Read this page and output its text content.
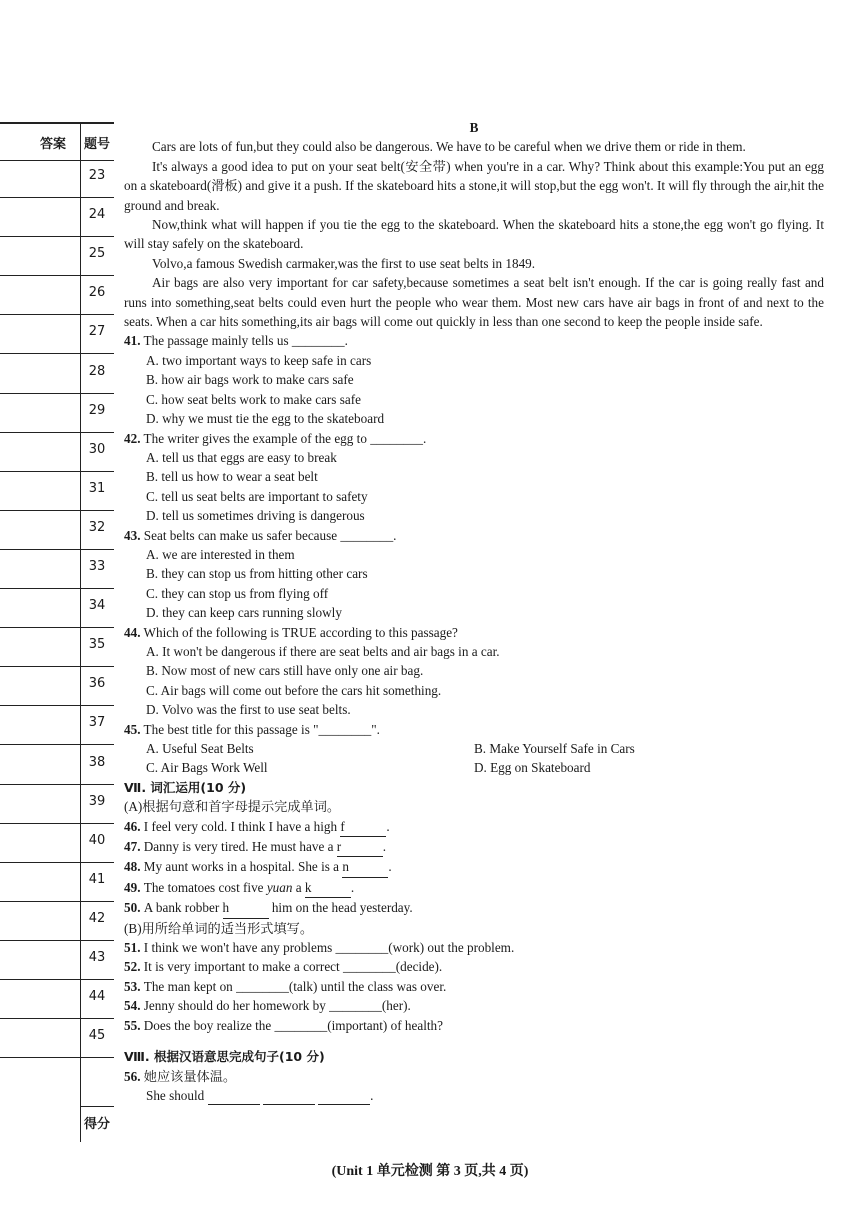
答案 题号
23
24
25
26
27
28
29
30
31
32
33
34
35
36
37
38
39
40
41
42
43
44
45
得分

B

Cars are lots of fun,but they could also be dangerous. We have to be careful when we drive them or ride in them.

It's always a good idea to put on your seat belt(安全带) when you're in a car. Why? Think about this example:You put an egg on a skateboard(滑板) and give it a push. If the skateboard hits a stone,it will stop,but the egg won't. It will fly through the air,hit the ground and break.

Now,think what will happen if you tie the egg to the skateboard. When the skateboard hits a stone,the egg won't go flying. It will stay safely on the skateboard.

Volvo,a famous Swedish carmaker,was the first to use seat belts in 1849.

Air bags are also very important for car safety,because sometimes a seat belt isn't enough. If the car is going really fast and runs into something,seat belts could even hurt the people who wear them. Most new cars have air bags in front of and next to the seats. When a car hits something,its air bags will come out quickly in less than one second to keep the people inside safe.

41. The passage mainly tells us ________.

A. two important ways to keep safe in cars

B. how air bags work to make cars safe

C. how seat belts work to make cars safe

D. why we must tie the egg to the skateboard

42. The writer gives the example of the egg to ________.

A. tell us that eggs are easy to break

B. tell us how to wear a seat belt

C. tell us seat belts are important to safety

D. tell us sometimes driving is dangerous

43. Seat belts can make us safer because ________.

A. we are interested in them

B. they can stop us from hitting other cars

C. they can stop us from flying off

D. they can keep cars running slowly

44. Which of the following is TRUE according to this passage?

A. It won't be dangerous if there are seat belts and air bags in a car.

B. Now most of new cars still have only one air bag.

C. Air bags will come out before the cars hit something.

D. Volvo was the first to use seat belts.

45. The best title for this passage is "________".

A. Useful Seat Belts	B. Make Yourself Safe in Cars
C. Air Bags Work Well	D. Egg on Skateboard

Ⅶ. 词汇运用(10 分)

(A)根据句意和首字母提示完成单词。

46. I feel very cold. I think I have a high f	.

47. Danny is very tired. He must have a r	.

48. My aunt works in a hospital. She is a n	.

49. The tomatoes cost five yuan a k	.

50. A bank robber h	him on the head yesterday.

(B)用所给单词的适当形式填写。

51. I think we won't have any problems ________(work) out the problem.

52. It is very important to make a correct ________(decide).

53. The man kept on ________(talk) until the class was over.

54. Jenny should do her homework by ________(her).

55. Does the boy realize the ________(important) of health?

Ⅷ. 根据汉语意思完成句子(10 分)

56. 她应该量体温。

She should	.

(Unit 1 单元检测 第 3 页,共 4 页)
